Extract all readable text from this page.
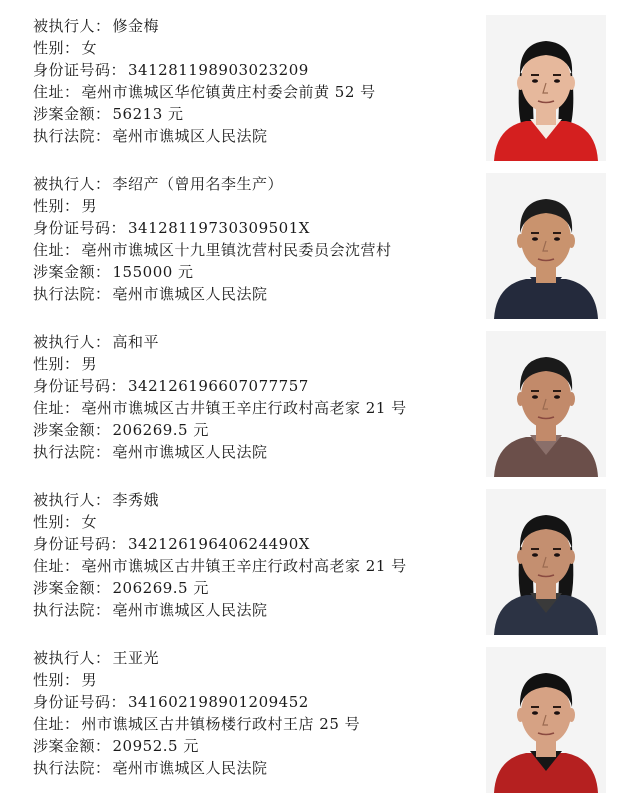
被执行人： 修金梅
性别： 女
身份证号码： 341281198903023209
住址： 亳州市谯城区华佗镇黄庄村委会前黄 52 号
涉案金额： 56213 元
执行法院： 亳州市谯城区人民法院
被执行人： 李绍产（曾用名李生产）
性别： 男
身份证号码： 34128119730309501X
住址： 亳州市谯城区十九里镇沈营村民委员会沈营村
涉案金额： 155000 元
执行法院： 亳州市谯城区人民法院
被执行人： 高和平
性别： 男
身份证号码： 342126196607077757
住址： 亳州市谯城区古井镇王辛庄行政村高老家 21 号
涉案金额： 206269.5 元
执行法院： 亳州市谯城区人民法院
被执行人： 李秀娥
性别： 女
身份证号码： 34212619640624490X
住址： 亳州市谯城区古井镇王辛庄行政村高老家 21 号
涉案金额： 206269.5 元
执行法院： 亳州市谯城区人民法院
被执行人： 王亚光
性别： 男
身份证号码： 341602198901209452
住址： 州市谯城区古井镇杨楼行政村王店 25 号
涉案金额： 20952.5 元
执行法院： 亳州市谯城区人民法院
